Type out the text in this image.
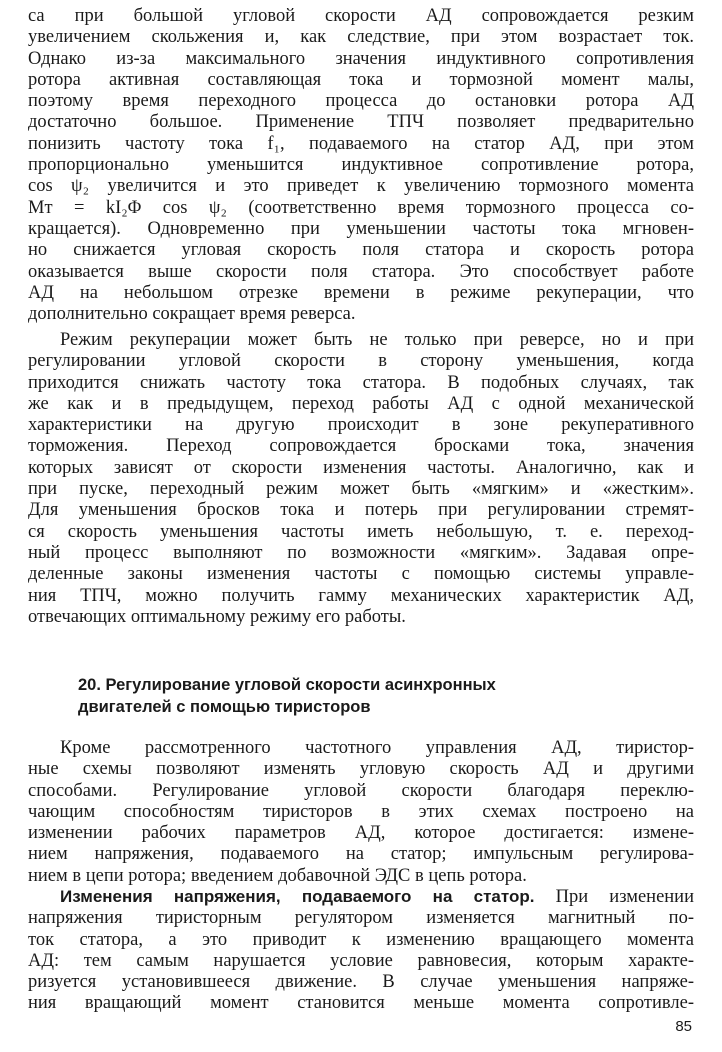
са при большой угловой скорости АД сопровождается резким
увеличением скольжения и, как следствие, при этом возрастает ток.
Однако из-за максимального значения индуктивного сопротивления
ротора активная составляющая тока и тормозной момент малы,
поэтому время переходного процесса до остановки ротора АД
достаточно большое. Применение ТПЧ позволяет предварительно
понизить частоту тока f₁, подаваемого на статор АД, при этом
пропорционально уменьшится индуктивное сопротивление ротора,
cos ψ₂ увеличится и это приведет к увеличению тормозного момента
Mт = kI₂Φ cos ψ₂ (соответственно время тормозного процесса со-
кращается). Одновременно при уменьшении частоты тока мгновен-
но снижается угловая скорость поля статора и скорость ротора
оказывается выше скорости поля статора. Это способствует работе
АД на небольшом отрезке времени в режиме рекуперации, что
дополнительно сокращает время реверса.
Режим рекуперации может быть не только при реверсе, но и при
регулировании угловой скорости в сторону уменьшения, когда
приходится снижать частоту тока статора. В подобных случаях, так
же как и в предыдущем, переход работы АД с одной механической
характеристики на другую происходит в зоне рекуперативного
торможения. Переход сопровождается бросками тока, значения
которых зависят от скорости изменения частоты. Аналогично, как и
при пуске, переходный режим может быть «мягким» и «жестким».
Для уменьшения бросков тока и потерь при регулировании стремят-
ся скорость уменьшения частоты иметь небольшую, т. е. переход-
ный процесс выполняют по возможности «мягким». Задавая опре-
деленные законы изменения частоты с помощью системы управле-
ния ТПЧ, можно получить гамму механических характеристик АД,
отвечающих оптимальному режиму его работы.
20. Регулирование угловой скорости асинхронных
двигателей с помощью тиристоров
Кроме рассмотренного частотного управления АД, тиристор-
ные схемы позволяют изменять угловую скорость АД и другими
способами. Регулирование угловой скорости благодаря переклю-
чающим способностям тиристоров в этих схемах построено на
изменении рабочих параметров АД, которое достигается: измене-
нием напряжения, подаваемого на статор; импульсным регулирова-
нием в цепи ротора; введением добавочной ЭДС в цепь ротора.
Изменения напряжения, подаваемого на статор. При изменении
напряжения тиристорным регулятором изменяется магнитный по-
ток статора, а это приводит к изменению вращающего момента
АД: тем самым нарушается условие равновесия, которым характе-
ризуется установившееся движение. В случае уменьшения напряже-
ния вращающий момент становится меньше момента сопротивле-
85
